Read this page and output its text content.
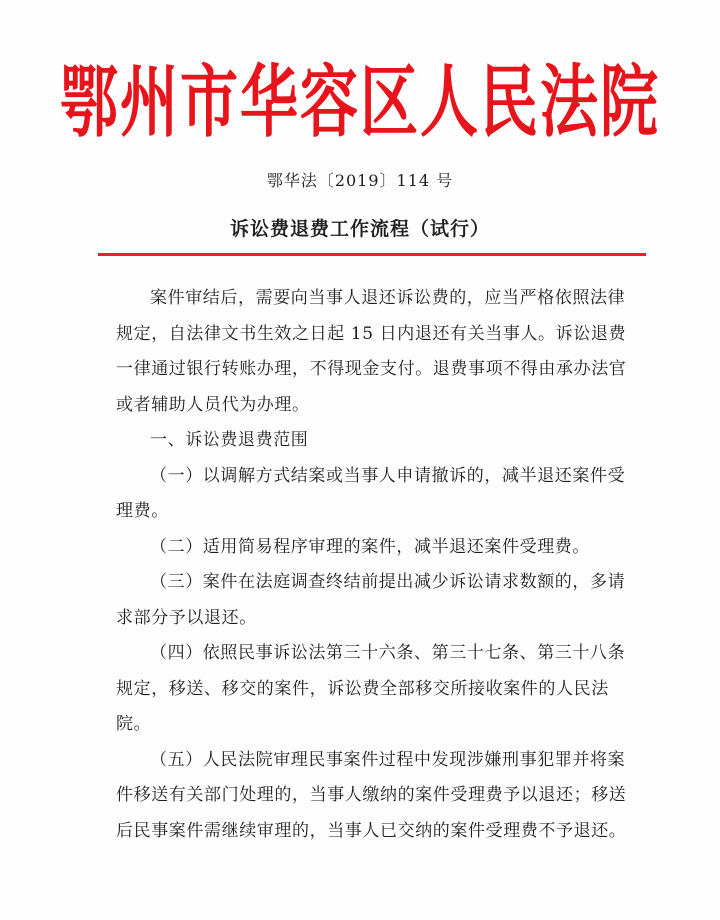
鄂州市华容区人民法院
鄂华法〔2019〕114 号
诉讼费退费工作流程（试行）

案件审结后，需要向当事人退还诉讼费的，应当严格依照法律规定，自法律文书生效之日起 15 日内退还有关当事人。诉讼退费一律通过银行转账办理，不得现金支付。退费事项不得由承办法官或者辅助人员代为办理。

一、诉讼费退费范围

（一）以调解方式结案或当事人申请撤诉的，减半退还案件受理费。

（二）适用简易程序审理的案件，减半退还案件受理费。

（三）案件在法庭调查终结前提出减少诉讼请求数额的，多请求部分予以退还。

（四）依照民事诉讼法第三十六条、第三十七条、第三十八条规定，移送、移交的案件，诉讼费全部移交所接收案件的人民法院。

（五）人民法院审理民事案件过程中发现涉嫌刑事犯罪并将案件移送有关部门处理的，当事人缴纳的案件受理费予以退还；移送后民事案件需继续审理的，当事人已交纳的案件受理费不予退还。
